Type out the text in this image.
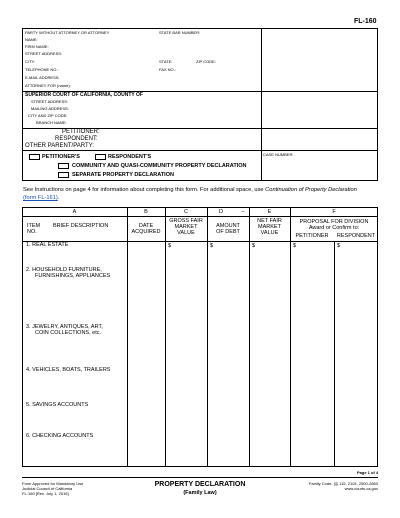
FL-160
PARTY WITHOUT ATTORNEY OR ATTORNEY	STATE BAR NUMBER:
NAME:
FIRM NAME:
STREET ADDRESS:
CITY:	STATE:	ZIP CODE:
TELEPHONE NO.:	FAX NO.:
E-MAIL ADDRESS:
ATTORNEY FOR (name):
SUPERIOR COURT OF CALIFORNIA, COUNTY OF
STREET ADDRESS:
MAILING ADDRESS:
CITY AND ZIP CODE:
BRANCH NAME:
PETITIONER:
RESPONDENT:
OTHER PARENT/PARTY:
PETITIONER'S	RESPONDENT'S
COMMUNITY AND QUASI-COMMUNITY PROPERTY DECLARATION
SEPARATE PROPERTY DECLARATION
CASE NUMBER:
See Instructions on page 4 for information about completing this form. For additional space, use Continuation of Property Declaration
(form FL-161).
A	B	C	D	–	E	F
ITEM
NO.
BRIEF DESCRIPTION	DATE
ACQUIRED
GROSS FAIR
MARKET
VALUE
AMOUNT
OF DEBT
NET FAIR
MARKET
VALUE
PROPOSAL FOR DIVISION
Award or Confirm to:
PETITIONER	RESPONDENT
$	$	$	$	$
1. REAL ESTATE
2. HOUSEHOLD FURNITURE,
FURNISHINGS, APPLIANCES
3. JEWELRY, ANTIQUES, ART,
COIN COLLECTIONS, etc.
4. VEHICLES, BOATS, TRAILERS
5. SAVINGS ACCOUNTS
6. CHECKING ACCOUNTS
Page 1 of 4
Form Approved for Mandatory Use
Judicial Council of California
FL-160 [Rev. July 1, 2016]
PROPERTY DECLARATION
(Family Law)
Family Code, §§ 115, 2104, 2500-2660
www.courts.ca.gov
